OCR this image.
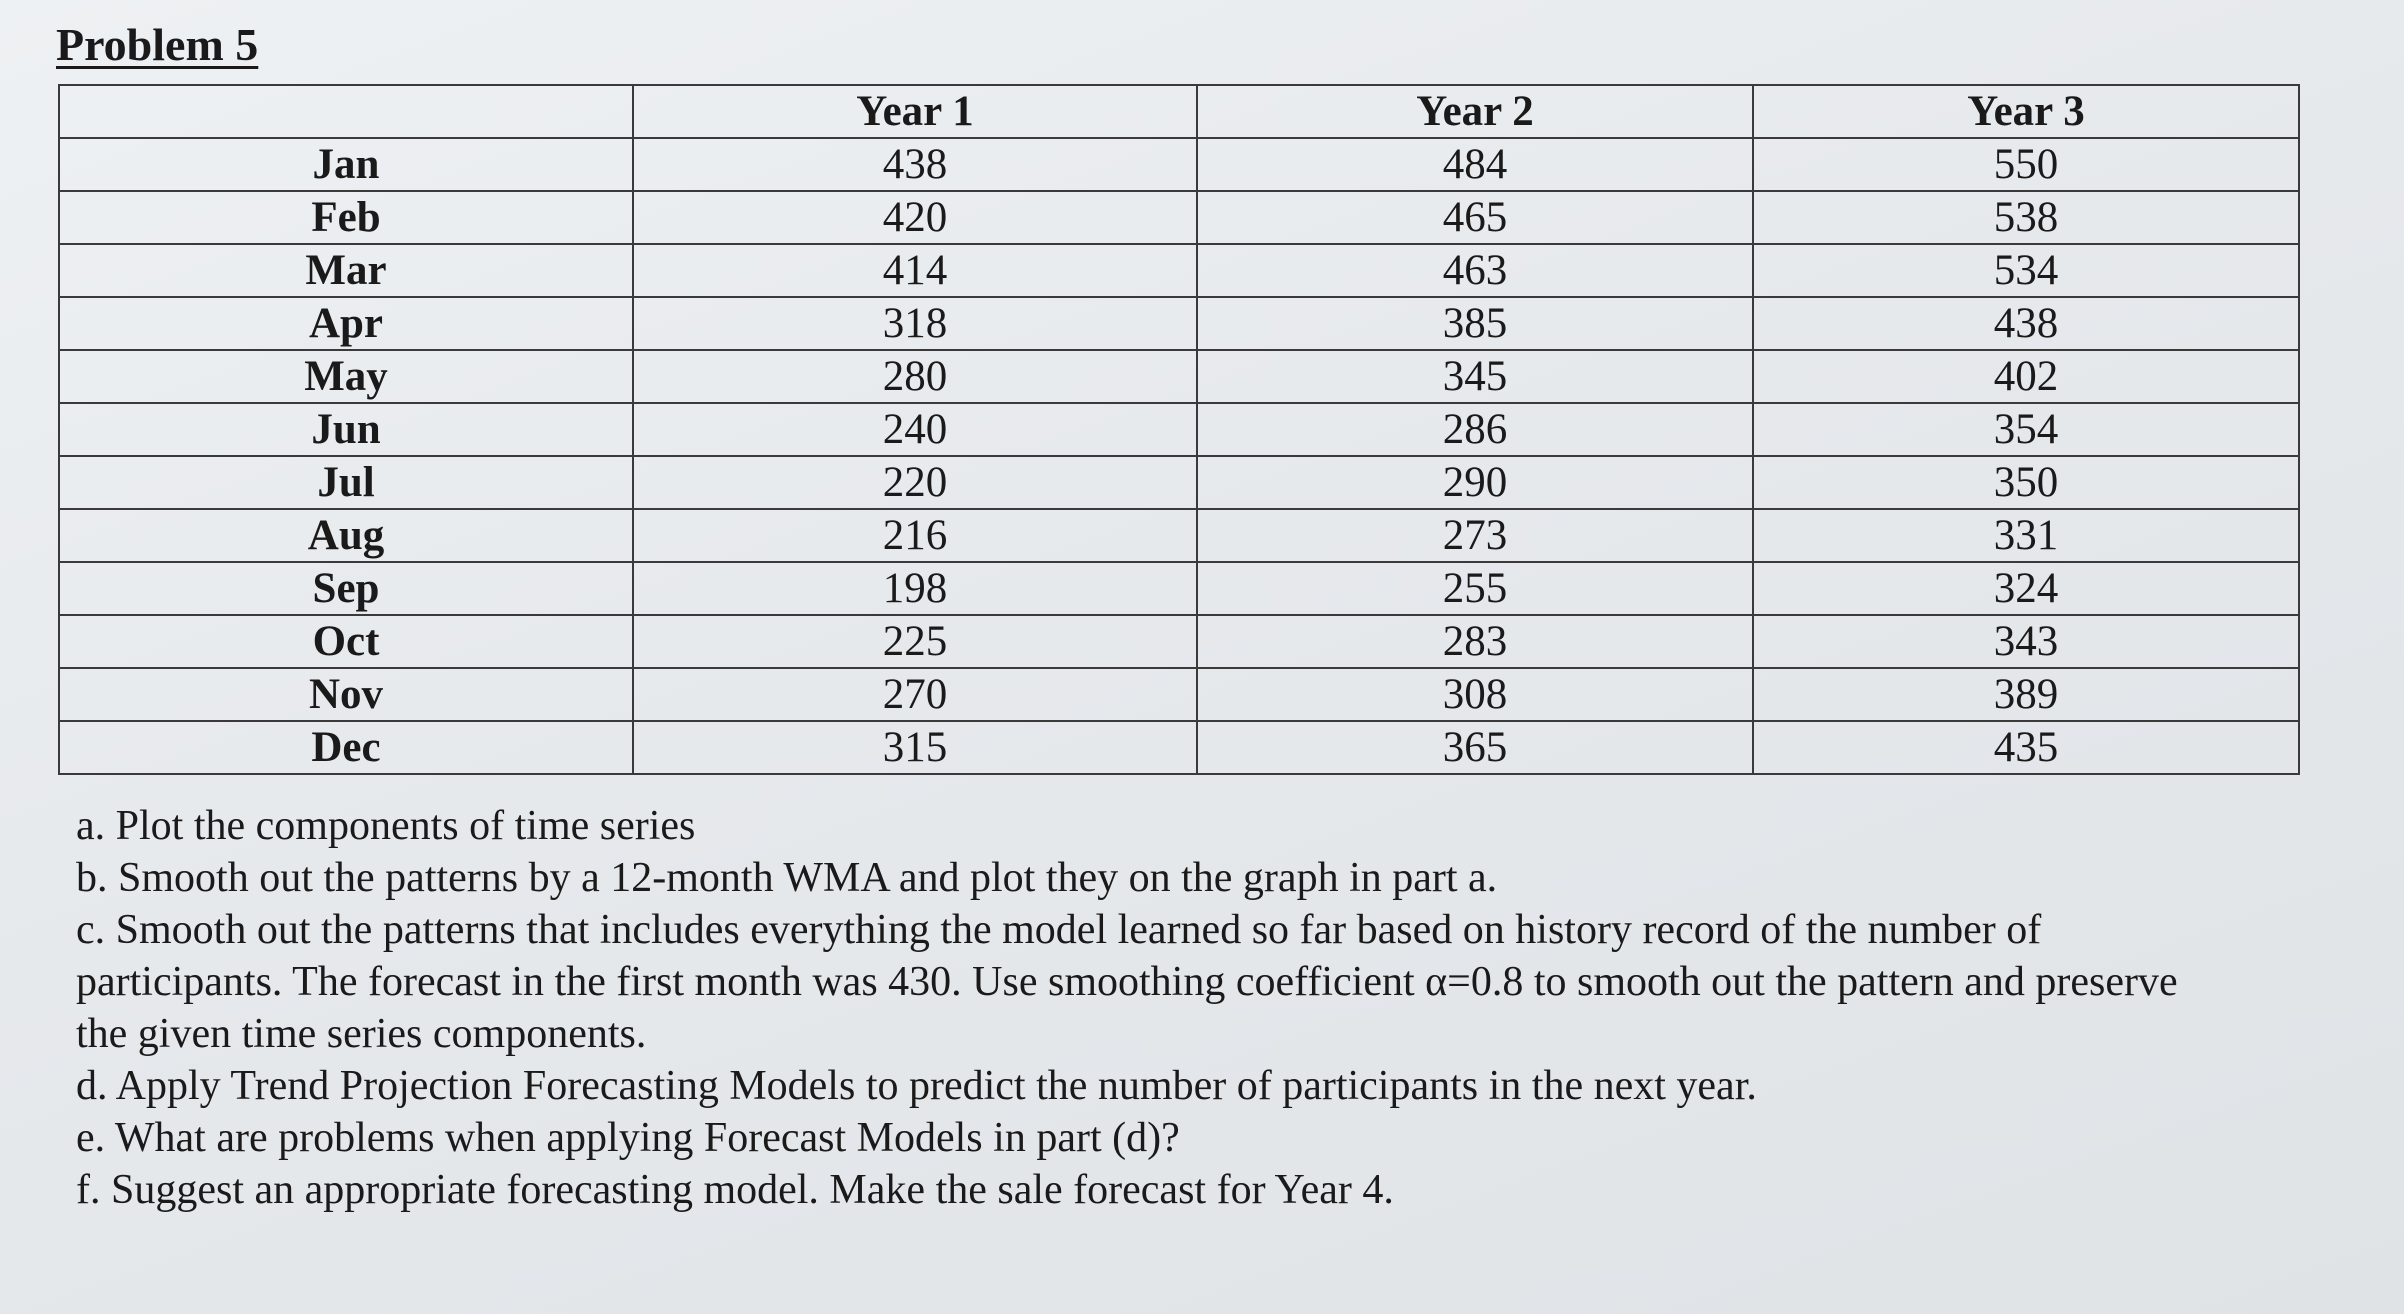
Problem 5
	Year 1	Year 2	Year 3
Jan	438	484	550
Feb	420	465	538
Mar	414	463	534
Apr	318	385	438
May	280	345	402
Jun	240	286	354
Jul	220	290	350
Aug	216	273	331
Sep	198	255	324
Oct	225	283	343
Nov	270	308	389
Dec	315	365	435

a. Plot the components of time series

b. Smooth out the patterns by a 12-month WMA and plot they on the graph in part a.

c. Smooth out the patterns that includes everything the model learned so far based on history record of the number of participants. The forecast in the first month was 430. Use smoothing coefficient α=0.8 to smooth out the pattern and preserve the given time series components.

d. Apply Trend Projection Forecasting Models to predict the number of participants in the next year.

e. What are problems when applying Forecast Models in part (d)?

f. Suggest an appropriate forecasting model. Make the sale forecast for Year 4.
